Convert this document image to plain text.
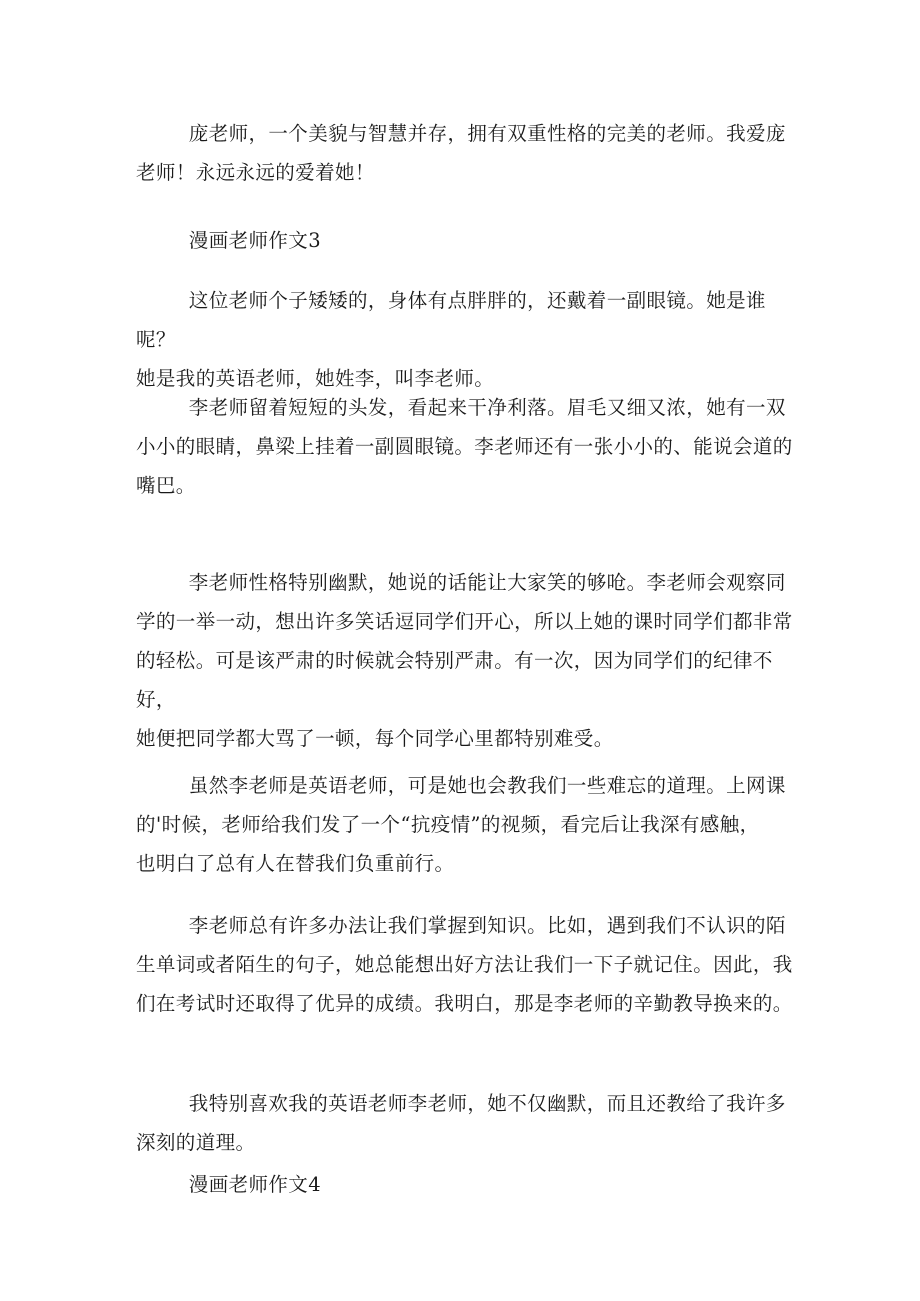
庞老师，一个美貌与智慧并存，拥有双重性格的完美的老师。我爱庞
老师！永远永远的爱着她！

漫画老师作文3

这位老师个子矮矮的，身体有点胖胖的，还戴着一副眼镜。她是谁呢？
她是我的英语老师，她姓李，叫李老师。

李老师留着短短的头发，看起来干净利落。眉毛又细又浓，她有一双
小小的眼睛，鼻梁上挂着一副圆眼镜。李老师还有一张小小的、能说会道的
嘴巴。

李老师性格特别幽默，她说的话能让大家笑的够呛。李老师会观察同
学的一举一动，想出许多笑话逗同学们开心，所以上她的课时同学们都非常
的轻松。可是该严肃的时候就会特别严肃。有一次，因为同学们的纪律不好，
她便把同学都大骂了一顿，每个同学心里都特别难受。

虽然李老师是英语老师，可是她也会教我们一些难忘的道理。上网课
的'时候，老师给我们发了一个“抗疫情”的视频，看完后让我深有感触，
也明白了总有人在替我们负重前行。

李老师总有许多办法让我们掌握到知识。比如，遇到我们不认识的陌
生单词或者陌生的句子，她总能想出好方法让我们一下子就记住。因此，我
们在考试时还取得了优异的成绩。我明白，那是李老师的辛勤教导换来的。

我特别喜欢我的英语老师李老师，她不仅幽默，而且还教给了我许多
深刻的道理。

漫画老师作文4
